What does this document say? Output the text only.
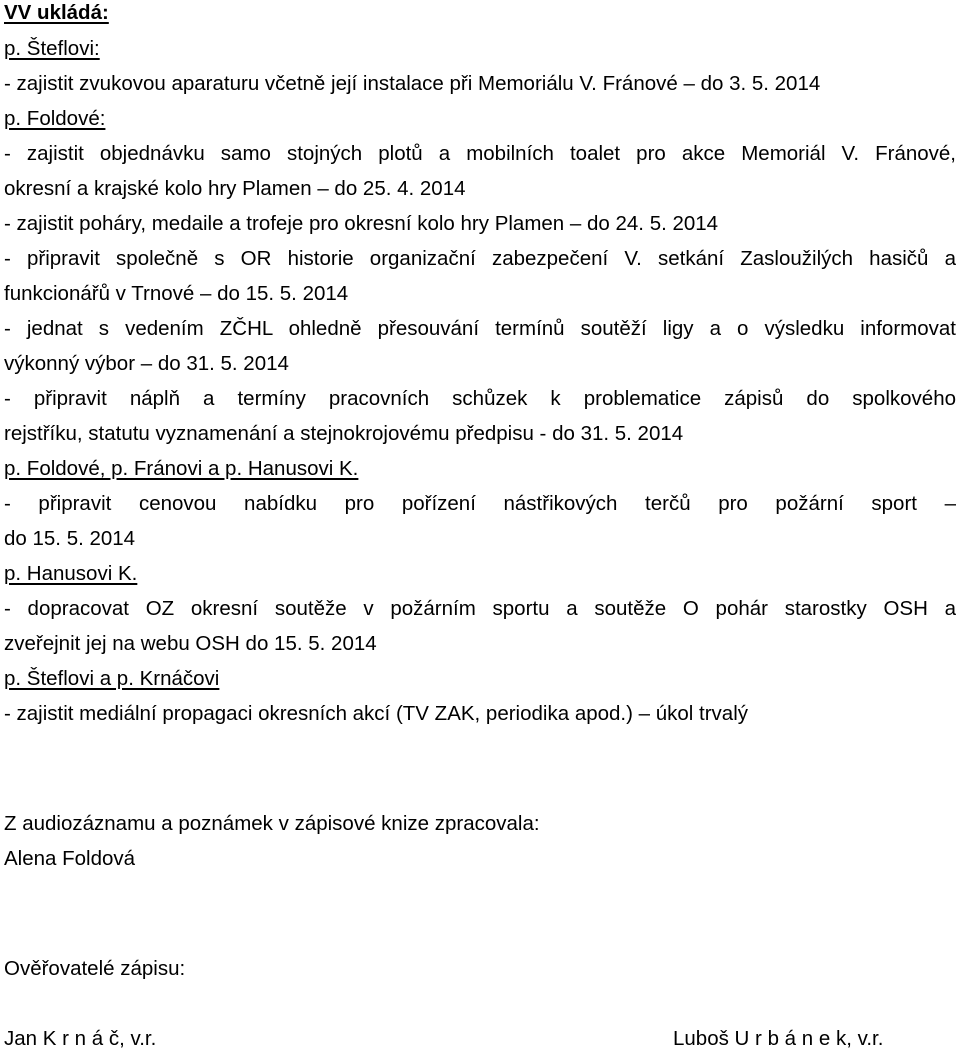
VV ukládá:
p. Šteflovi:
- zajistit zvukovou aparaturu včetně její instalace při Memoriálu V. Fránové – do 3. 5. 2014
p. Foldové:
- zajistit objednávku samo stojných plotů a mobilních toalet pro akce Memoriál V. Fránové,
okresní a krajské kolo hry Plamen – do 25. 4. 2014
- zajistit poháry, medaile a trofeje pro okresní kolo hry Plamen – do 24. 5. 2014
- připravit společně s OR historie organizační zabezpečení V. setkání Zasloužilých hasičů a
funkcionářů v Trnové – do 15. 5. 2014
- jednat s vedením ZČHL ohledně přesouvání termínů soutěží ligy a o výsledku informovat
výkonný výbor – do 31. 5. 2014
- připravit náplň a termíny pracovních schůzek k problematice zápisů do spolkového
rejstříku, statutu vyznamenání a stejnokrojovému předpisu - do 31. 5. 2014
p. Foldové, p. Fránovi a p. Hanusovi K.
- připravit cenovou nabídku pro pořízení nástřikových terčů pro požární sport –
do 15. 5. 2014
p. Hanusovi K.
- dopracovat OZ okresní soutěže v požárním sportu a soutěže O pohár starostky OSH a
zveřejnit jej na webu OSH do 15. 5. 2014
p. Šteflovi a p. Krnáčovi
- zajistit mediální propagaci okresních akcí (TV ZAK, periodika apod.) – úkol trvalý
Z audiozáznamu a poznámek v zápisové knize zpracovala:
Alena Foldová
Ověřovatelé zápisu:
Jan K r n á č, v.r.	Luboš U r b á n e k, v.r.
